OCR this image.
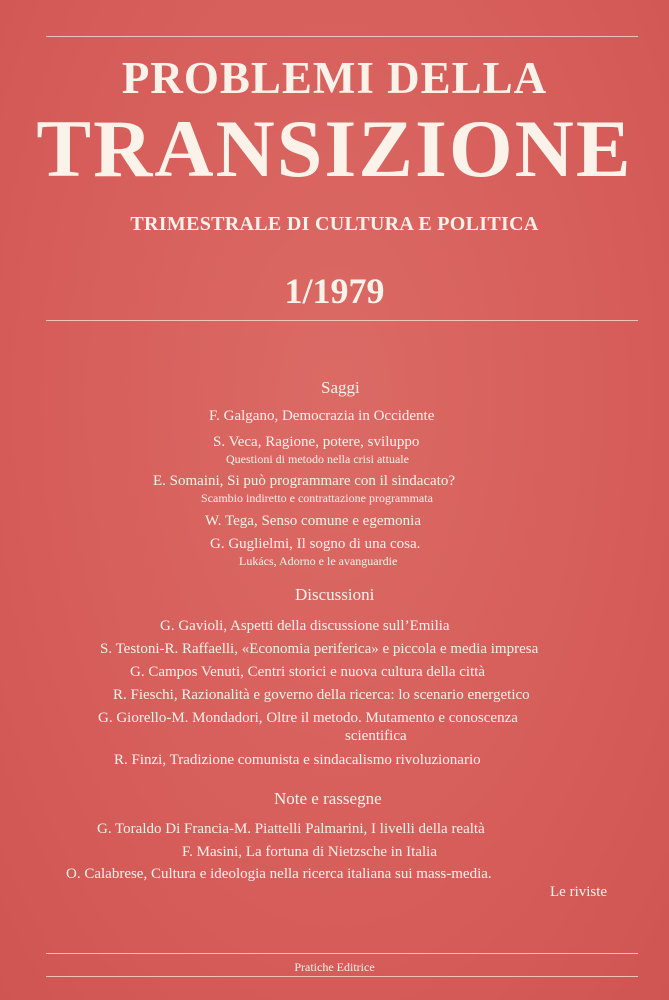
PROBLEMI DELLA
TRANSIZIONE
TRIMESTRALE DI CULTURA E POLITICA
1/1979
Saggi
F. Galgano, Democrazia in Occidente
S. Veca, Ragione, potere, sviluppo
Questioni di metodo nella crisi attuale
E. Somaini, Si può programmare con il sindacato?
Scambio indiretto e contrattazione programmata
W. Tega, Senso comune e egemonia
G. Guglielmi, Il sogno di una cosa.
Lukács, Adorno e le avanguardie
Discussioni
G. Gavioli, Aspetti della discussione sull’Emilia
S. Testoni-R. Raffaelli, «Economia periferica» e piccola e media impresa
G. Campos Venuti, Centri storici e nuova cultura della città
R. Fieschi, Razionalità e governo della ricerca: lo scenario energetico
G. Giorello-M. Mondadori, Oltre il metodo. Mutamento e conoscenza
scientifica
R. Finzi, Tradizione comunista e sindacalismo rivoluzionario
Note e rassegne
G. Toraldo Di Francia-M. Piattelli Palmarini, I livelli della realtà
F. Masini, La fortuna di Nietzsche in Italia
O. Calabrese, Cultura e ideologia nella ricerca italiana sui mass-media.
Le riviste
Pratiche Editrice
